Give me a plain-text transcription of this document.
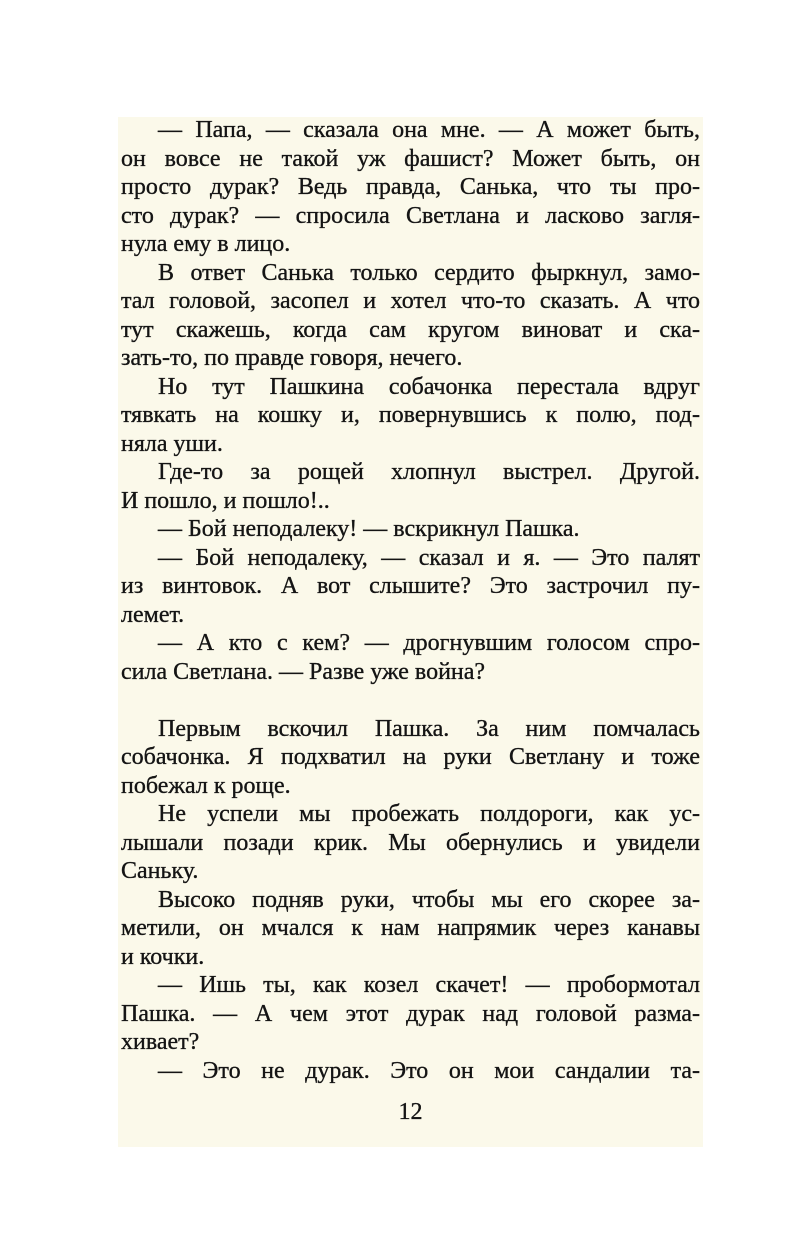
— Папа, — сказала она мне. — А может быть,
он вовсе не такой уж фашист? Может быть, он
просто дурак? Ведь правда, Санька, что ты про-
сто дурак? — спросила Светлана и ласково загля-
нула ему в лицо.
В ответ Санька только сердито фыркнул, замо-
тал головой, засопел и хотел что-то сказать. А что
тут скажешь, когда сам кругом виноват и ска-
зать-то, по правде говоря, нечего.
Но тут Пашкина собачонка перестала вдруг
тявкать на кошку и, повернувшись к полю, под-
няла уши.
Где-то за рощей хлопнул выстрел. Другой.
И пошло, и пошло!..
— Бой неподалеку! — вскрикнул Пашка.
— Бой неподалеку, — сказал и я. — Это палят
из винтовок. А вот слышите? Это застрочил пу-
лемет.
— А кто с кем? — дрогнувшим голосом спро-
сила Светлана. — Разве уже война?
Первым вскочил Пашка. За ним помчалась
собачонка. Я подхватил на руки Светлану и тоже
побежал к роще.
Не успели мы пробежать полдороги, как ус-
лышали позади крик. Мы обернулись и увидели
Саньку.
Высоко подняв руки, чтобы мы его скорее за-
метили, он мчался к нам напрямик через канавы
и кочки.
— Ишь ты, как козел скачет! — пробормотал
Пашка. — А чем этот дурак над головой разма-
хивает?
— Это не дурак. Это он мои сандалии та-
12
